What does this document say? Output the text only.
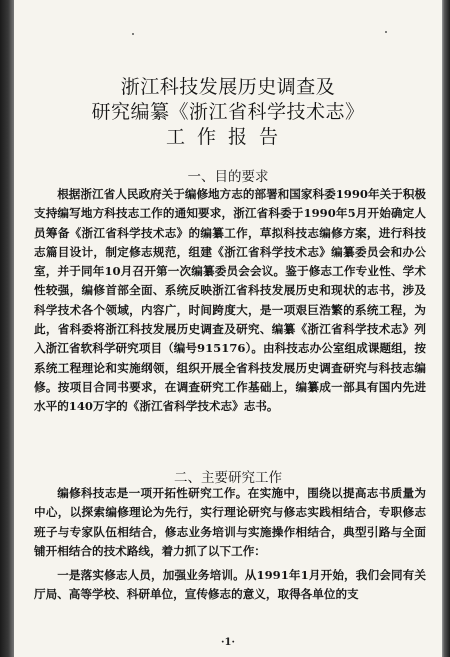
浙江科技发展历史调查及
研究编纂《浙江省科学技术志》
工作报告
一、目的要求

根据浙江省人民政府关于编修地方志的部署和国家科委1990年关于积极支持编写地方科技志工作的通知要求，浙江省科委于1990年5月开始确定人员筹备《浙江省科学技术志》的编纂工作，草拟科技志编修方案，进行科技志篇目设计，制定修志规范，组建《浙江省科学技术志》编纂委员会和办公室，并于同年10月召开第一次编纂委员会会议。鉴于修志工作专业性、学术性较强，编修首部全面、系统反映浙江省科技发展历史和现状的志书，涉及科学技术各个领域，内容广，时间跨度大，是一项艰巨浩繁的系统工程，为此，省科委将浙江科技发展历史调查及研究、编纂《浙江省科学技术志》列入浙江省软科学研究项目（编号915176）。由科技志办公室组成课题组，按系统工程理论和实施纲领，组织开展全省科技发展历史调查研究与科技志编修。按项目合同书要求，在调查研究工作基础上，编纂成一部具有国内先进水平的140万字的《浙江省科学技术志》志书。

二、主要研究工作

编修科技志是一项开拓性研究工作。在实施中，围绕以提高志书质量为中心，以探索编修理论为先行，实行理论研究与修志实践相结合，专职修志班子与专家队伍相结合，修志业务培训与实施操作相结合，典型引路与全面铺开相结合的技术路线，着力抓了以下工作：

一是落实修志人员，加强业务培训。从1991年1月开始，我们会同有关厅局、高等学校、科研单位，宣传修志的意义，取得各单位的支

·1·
